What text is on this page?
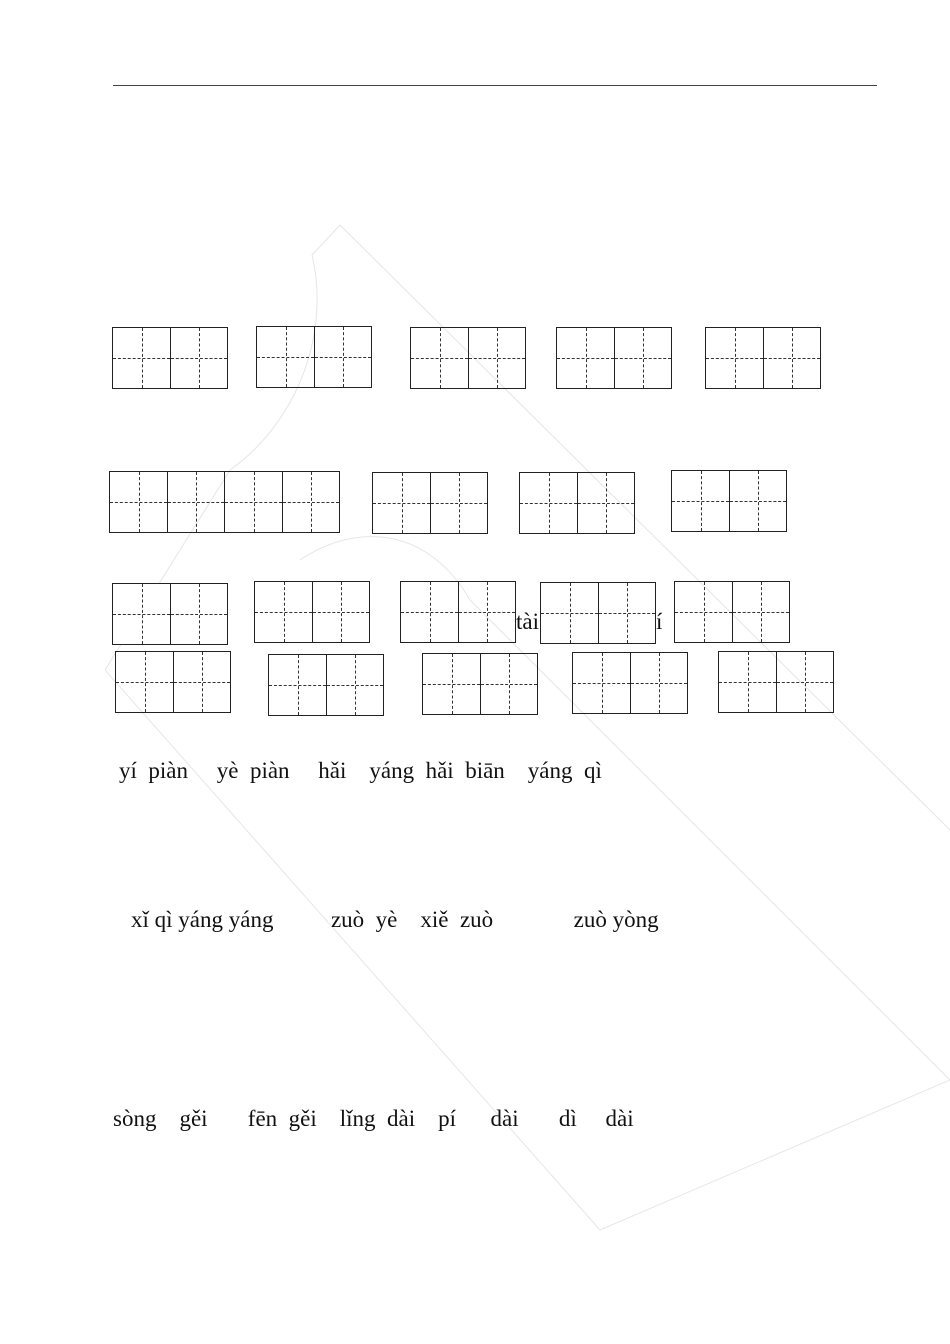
tài	í
yí  piàn     yè  piàn     hǎi    yáng  hǎi  biān    yáng  qì
xǐ qì yáng yáng          zuò  yè    xiě  zuò              zuò yòng
sòng    gěi       fēn  gěi    lǐng  dài    pí      dài       dì     dài
